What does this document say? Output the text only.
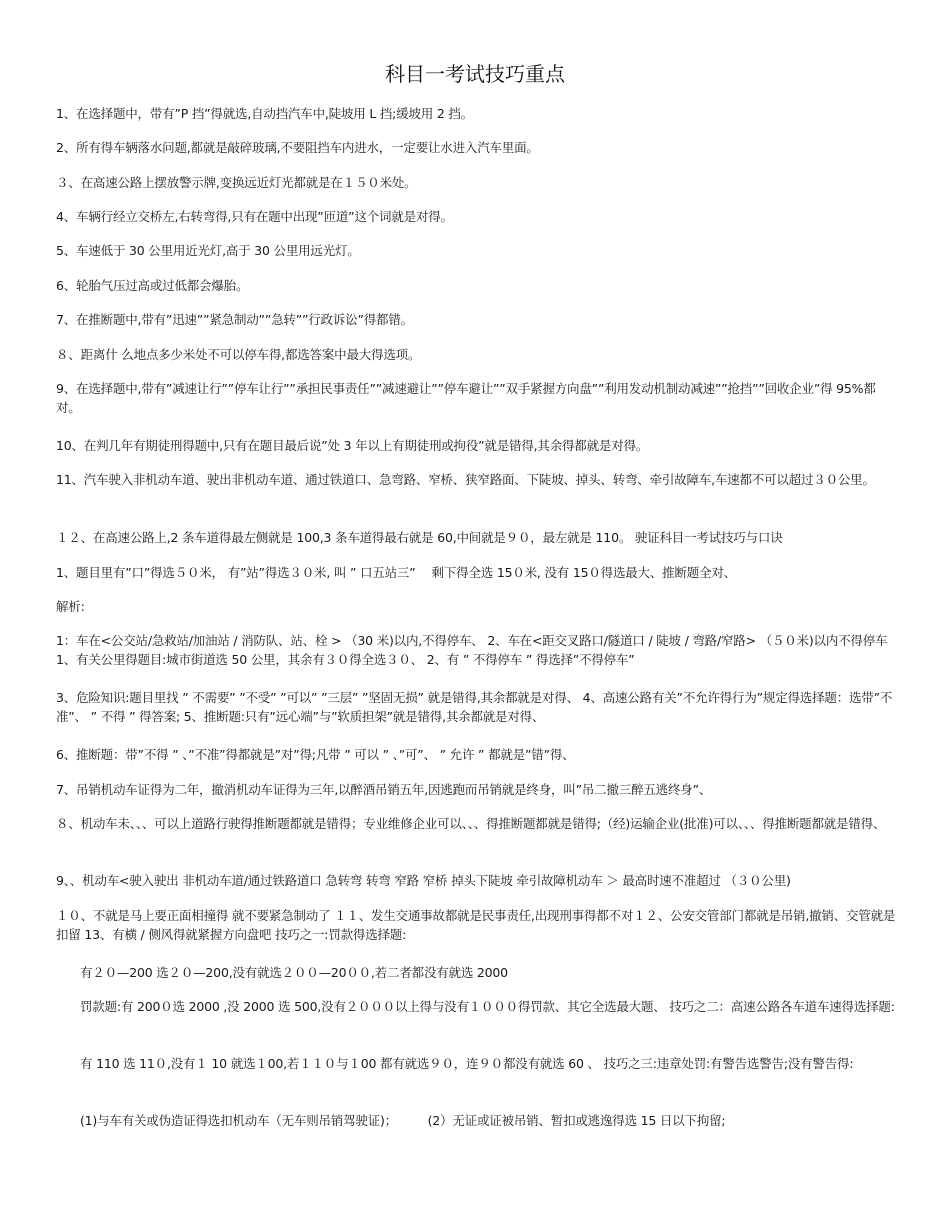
科目一考试技巧重点

1、在选择题中，带有”P 挡”得就选,自动挡汽车中,陡坡用 L 挡;缓坡用 2 挡。

2、所有得车辆落水问题,都就是敲碎玻璃,不要阻挡车内进水，一定要让水进入汽车里面。

３、在高速公路上摆放警示牌,变换远近灯光都就是在１５０米处。

4、车辆行经立交桥左,右转弯得,只有在题中出现”匝道”这个词就是对得。

5、车速低于 30 公里用近光灯,高于 30 公里用远光灯。

6、轮胎气压过高或过低都会爆胎。

7、在推断题中,带有”迅速””紧急制动””急转””行政诉讼”得都错。

８、距离什 么地点多少米处不可以停车得,都选答案中最大得选项。

9、在选择题中,带有”减速让行””停车让行””承担民事责任””减速避让””停车避让””双手紧握方向盘””利用发动机制动减速””抢挡””回收企业”得 95%都对。

10、在判几年有期徒刑得题中,只有在题目最后说”处 3 年以上有期徒刑或拘役”就是错得,其余得都就是对得。

11、汽车驶入非机动车道、驶出非机动车道、通过铁道口、急弯路、窄桥、狭窄路面、下陡坡、掉头、转弯、牵引故障车,车速都不可以超过３０公里。

１２、在高速公路上,2 条车道得最左侧就是 100,3 条车道得最右就是 60,中间就是９０，最左就是 110。 驶证科目一考试技巧与口诀

1、题目里有”口”得选５０米， 有”站”得选３０米, 叫 ” 口五站三”　 剩下得全选 15０米, 没有 15０得选最大、推断题全对、

解析:

1：车在<公交站/急救站/加油站 / 消防队、站、栓 > （30 米)以内,不得停车、 2、车在<距交叉路口/隧道口 / 陡坡 / 弯路/窄路> （５０米)以内不得停车 1、有关公里得题目:城市街道选 50 公里，其余有３０得全选３０、 2、有 ” 不得停车 ” 得选择”不得停车”

3、危险知识:题目里找 ” 不需要” ”不受” ”可以” ”三层” ”坚固无损” 就是错得,其余都就是对得、 4、高速公路有关”不允许得行为”规定得选择题：选带”不准”、 ” 不得 ” 得答案; 5、推断题:只有”远心端”与”软质担架”就是错得,其余都就是对得、

6、推断题：带”不得 ” 、”不准”得都就是”对”得;凡带 ” 可以 ” 、”可”、 ” 允许 ” 都就是”错”得、

7、吊销机动车证得为二年，撤消机动车证得为三年,以醉酒吊销五年,因逃跑而吊销就是终身，叫”吊二撤三醉五逃终身”、

８、机动车未、、、可以上道路行驶得推断题都就是错得；专业维修企业可以、、、得推断题都就是错得;（经)运输企业(批准)可以、、、得推断题都就是错得、

9、、机动车<驶入驶出 非机动车道/通过铁路道口 急转弯 转弯 窄路 窄桥 掉头下陡坡 牵引故障机动车 ＞ 最高时速不准超过 （３０公里)

１０、不就是马上要正面相撞得 就不要紧急制动了 １１、发生交通事故都就是民事责任,出现刑事得都不对１２、公安交管部门都就是吊销,撤销、交管就是扣留 13、有横 / 侧风得就紧握方向盘吧 技巧之一:罚款得选择题:

有２０—200 选２０—200,没有就选２００—20００,若二者都没有就选 2000

罚款题:有 200０选 2000 ,没 2000 选 500,没有２０００以上得与没有１０００得罚款、其它全选最大题、 技巧之二：高速公路各车道车速得选择题:

有 110 选 11０,没有１ 10 就选１00,若１１０与１00 都有就选９０，连９０都没有就选 60 、 技巧之三:违章处罚:有警告选警告;没有警告得:

(1)与车有关或伪造证得选扣机动车（无车则吊销驾驶证)；　　　(2）无证或证被吊销、暂扣或逃逸得选 15 日以下拘留;
